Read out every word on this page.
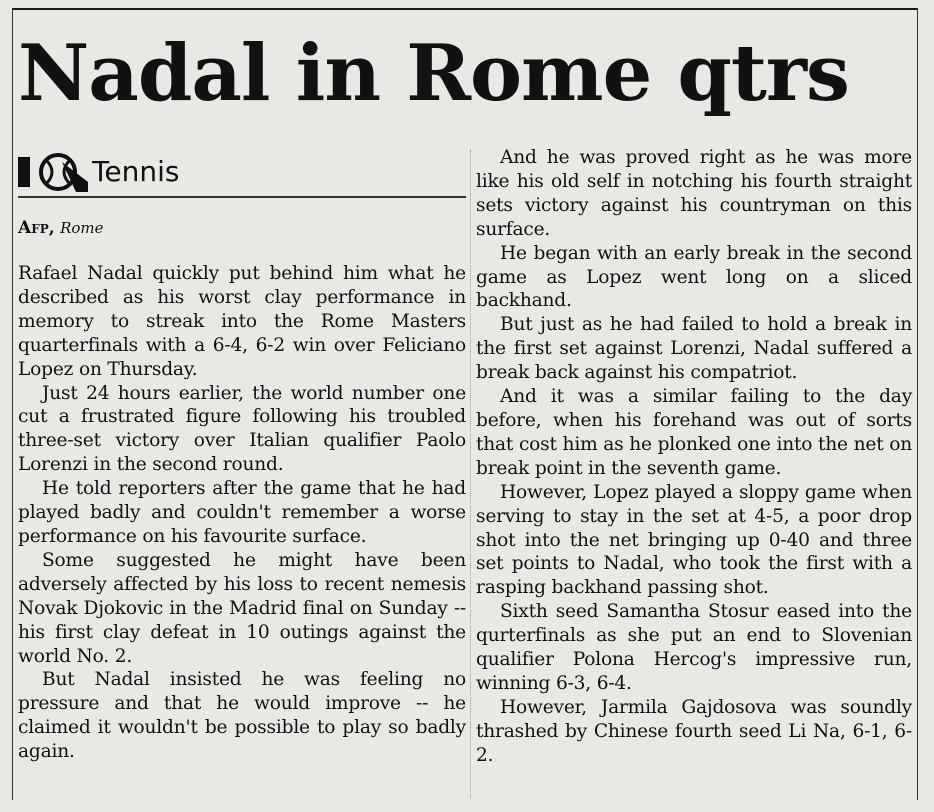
Nadal in Rome qtrs
Tennis
Afp, Rome

Rafael Nadal quickly put behind him what he described as his worst clay performance in memory to streak into the Rome Masters quarterfinals with a 6-4, 6-2 win over Feliciano Lopez on Thursday.

Just 24 hours earlier, the world number one cut a frustrated figure following his troubled three-set victory over Italian qualifier Paolo Lorenzi in the second round.

He told reporters after the game that he had played badly and couldn't remember a worse performance on his favourite surface.

Some suggested he might have been adversely affected by his loss to recent nemesis Novak Djokovic in the Madrid final on Sunday -- his first clay defeat in 10 outings against the world No. 2.

But Nadal insisted he was feeling no pressure and that he would improve -- he claimed it wouldn't be possible to play so badly again.

And he was proved right as he was more like his old self in notching his fourth straight sets victory against his countryman on this surface.

He began with an early break in the second game as Lopez went long on a sliced backhand.

But just as he had failed to hold a break in the first set against Lorenzi, Nadal suffered a break back against his compatriot.

And it was a similar failing to the day before, when his forehand was out of sorts that cost him as he plonked one into the net on break point in the seventh game.

However, Lopez played a sloppy game when serving to stay in the set at 4-5, a poor drop shot into the net bringing up 0-40 and three set points to Nadal, who took the first with a rasping backhand passing shot.

Sixth seed Samantha Stosur eased into the qurterfinals as she put an end to Slovenian qualifier Polona Hercog's impressive run, winning 6-3, 6-4.

However, Jarmila Gajdosova was soundly thrashed by Chinese fourth seed Li Na, 6-1, 6-2.
